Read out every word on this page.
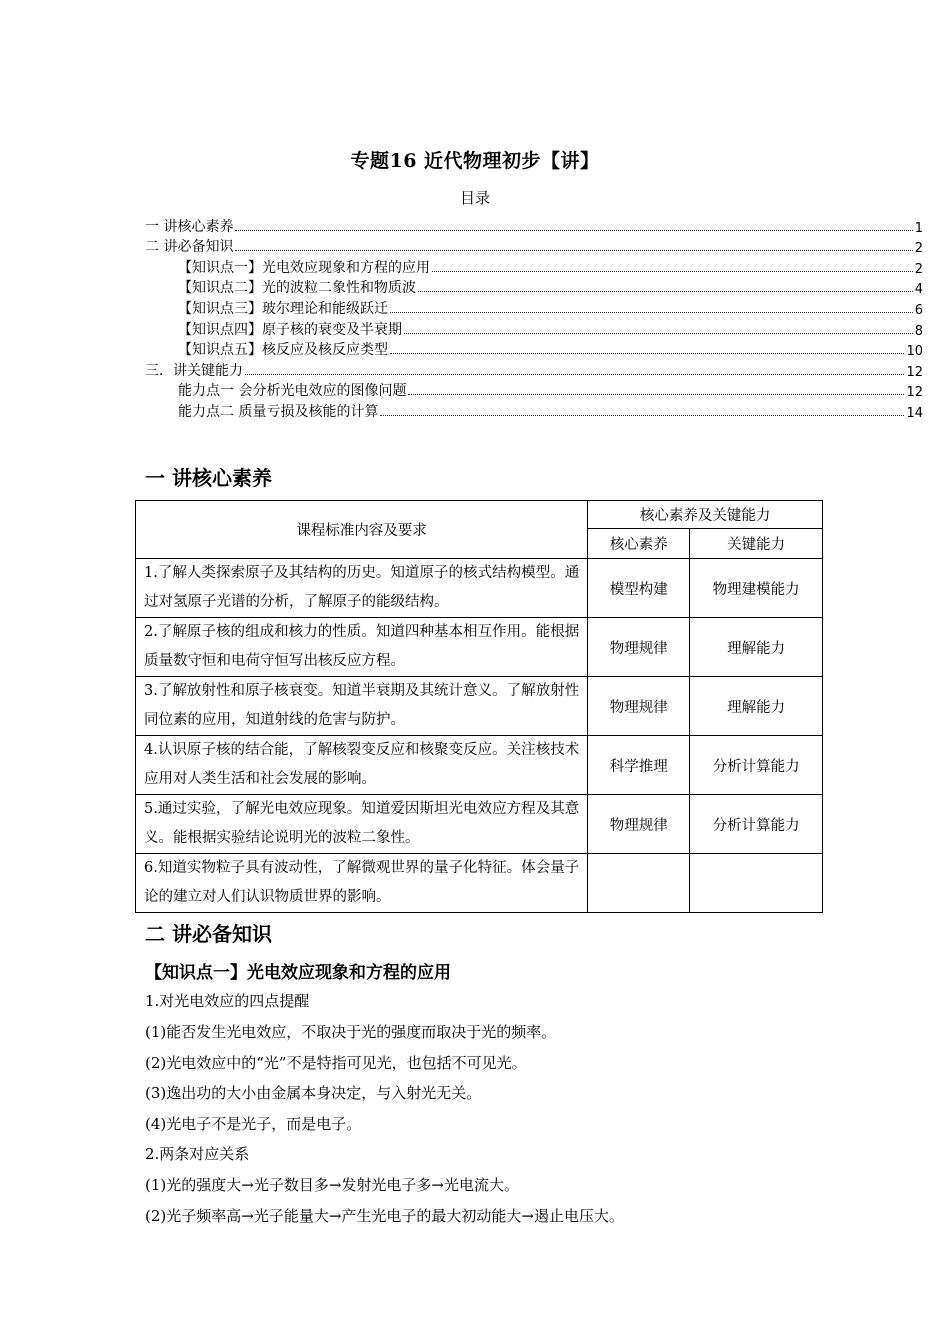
专题16 近代物理初步【讲】
目录
一 讲核心素养	1
二 讲必备知识	2
【知识点一】光电效应现象和方程的应用	2
【知识点二】光的波粒二象性和物质波	4
【知识点三】玻尔理论和能级跃迁	6
【知识点四】原子核的衰变及半衰期	8
【知识点五】核反应及核反应类型	10
三．讲关键能力	12
能力点一 会分析光电效应的图像问题	12
能力点二 质量亏损及核能的计算	14
一 讲核心素养
课程标准内容及要求	核心素养及关键能力	
	核心素养	关键能力
1.了解人类探索原子及其结构的历史。知道原子的核式结构模型。通过对氢原子光谱的分析，了解原子的能级结构。	模型构建	物理建模能力
2.了解原子核的组成和核力的性质。知道四种基本相互作用。能根据质量数守恒和电荷守恒写出核反应方程。	物理规律	理解能力
3.了解放射性和原子核衰变。知道半衰期及其统计意义。了解放射性同位素的应用，知道射线的危害与防护。	物理规律	理解能力
4.认识原子核的结合能，了解核裂变反应和核聚变反应。关注核技术应用对人类生活和社会发展的影响。	科学推理	分析计算能力
5.通过实验，了解光电效应现象。知道爱因斯坦光电效应方程及其意义。能根据实验结论说明光的波粒二象性。	物理规律	分析计算能力
6.知道实物粒子具有波动性，了解微观世界的量子化特征。体会量子论的建立对人们认识物质世界的影响。		
二 讲必备知识
【知识点一】光电效应现象和方程的应用
1.对光电效应的四点提醒
(1)能否发生光电效应，不取决于光的强度而取决于光的频率。
(2)光电效应中的“光”不是特指可见光，也包括不可见光。
(3)逸出功的大小由金属本身决定，与入射光无关。
(4)光电子不是光子，而是电子。
2.两条对应关系
(1)光的强度大→光子数目多→发射光电子多→光电流大。
(2)光子频率高→光子能量大→产生光电子的最大初动能大→遏止电压大。
